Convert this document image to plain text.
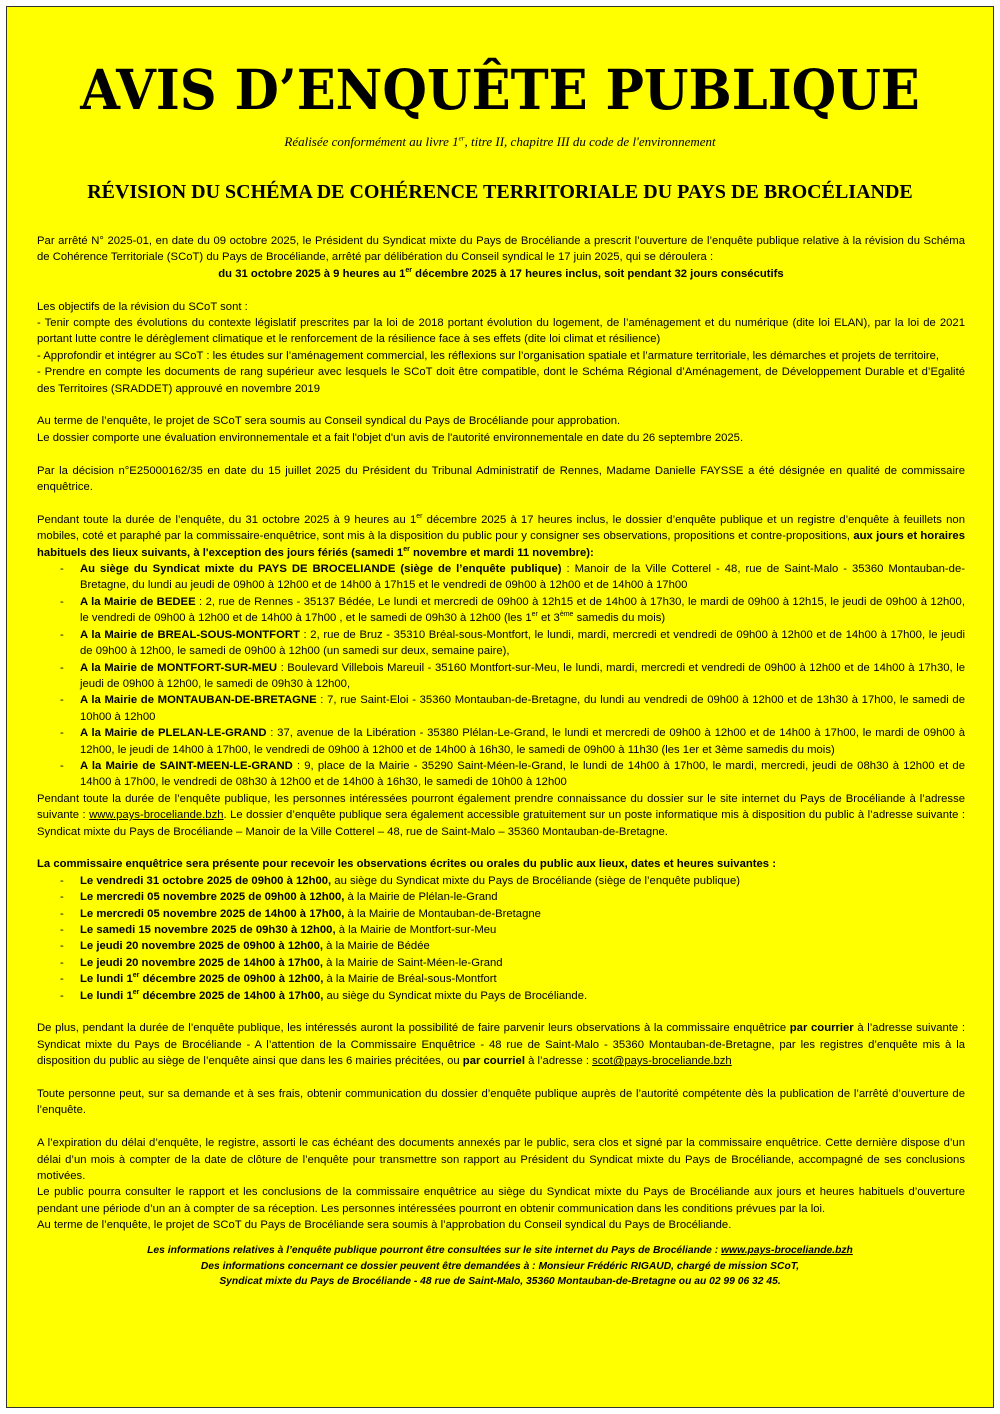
AVIS D’ENQUÊTE PUBLIQUE
Réalisée conformément au livre 1er, titre II, chapitre III du code de l'environnement
RÉVISION DU SCHÉMA DE COHÉRENCE TERRITORIALE DU PAYS DE BROCÉLIANDE

Par arrêté N° 2025-01, en date du 09 octobre 2025, le Président du Syndicat mixte du Pays de Brocéliande a prescrit l’ouverture de l’enquête publique relative à la révision du Schéma de Cohérence Territoriale (SCoT) du Pays de Brocéliande, arrêté par délibération du Conseil syndical le 17 juin 2025, qui se déroulera :

du 31 octobre 2025 à 9 heures au 1er décembre 2025 à 17 heures inclus, soit pendant 32 jours consécutifs

Les objectifs de la révision du SCoT sont :

- Tenir compte des évolutions du contexte législatif prescrites par la loi de 2018 portant évolution du logement, de l’aménagement et du numérique (dite loi ELAN), par la loi de 2021 portant lutte contre le dérèglement climatique et le renforcement de la résilience face à ses effets (dite loi climat et résilience)

- Approfondir et intégrer au SCoT : les études sur l’aménagement commercial, les réflexions sur l’organisation spatiale et l’armature territoriale, les démarches et projets de territoire,

- Prendre en compte les documents de rang supérieur avec lesquels le SCoT doit être compatible, dont le Schéma Régional d’Aménagement, de Développement Durable et d’Egalité des Territoires (SRADDET) approuvé en novembre 2019

Au terme de l’enquête, le projet de SCoT sera soumis au Conseil syndical du Pays de Brocéliande pour approbation.

Le dossier comporte une évaluation environnementale et a fait l'objet d'un avis de l'autorité environnementale en date du 26 septembre 2025.

Par la décision n°E25000162/35 en date du 15 juillet 2025 du Président du Tribunal Administratif de Rennes, Madame Danielle FAYSSE a été désignée en qualité de commissaire enquêtrice.

Pendant toute la durée de l’enquête, du 31 octobre 2025 à 9 heures au 1er décembre 2025 à 17 heures inclus, le dossier d’enquête publique et un registre d’enquête à feuillets non mobiles, coté et paraphé par la commissaire-enquêtrice, sont mis à la disposition du public pour y consigner ses observations, propositions et contre-propositions, aux jours et horaires habituels des lieux suivants, à l'exception des jours fériés (samedi 1er novembre et mardi 11 novembre):

- Au siège du Syndicat mixte du PAYS DE BROCELIANDE (siège de l’enquête publique) : Manoir de la Ville Cotterel - 48, rue de Saint-Malo - 35360 Montauban-de-Bretagne, du lundi au jeudi de 09h00 à 12h00 et de 14h00 à 17h15 et le vendredi de 09h00 à 12h00 et de 14h00 à 17h00
- A la Mairie de BEDEE : 2, rue de Rennes - 35137 Bédée, Le lundi et mercredi de 09h00 à 12h15 et de 14h00 à 17h30, le mardi de 09h00 à 12h15, le jeudi de 09h00 à 12h00, le vendredi de 09h00 à 12h00 et de 14h00 à 17h00 , et le samedi de 09h30 à 12h00 (les 1er et 3ème samedis du mois)
- A la Mairie de BREAL-SOUS-MONTFORT : 2, rue de Bruz - 35310 Bréal-sous-Montfort, le lundi, mardi, mercredi et vendredi de 09h00 à 12h00 et de 14h00 à 17h00, le jeudi de 09h00 à 12h00, le samedi de 09h00 à 12h00 (un samedi sur deux, semaine paire),
- A la Mairie de MONTFORT-SUR-MEU : Boulevard Villebois Mareuil - 35160 Montfort-sur-Meu, le lundi, mardi, mercredi et vendredi de 09h00 à 12h00 et de 14h00 à 17h30, le jeudi de 09h00 à 12h00, le samedi de 09h30 à 12h00,
- A la Mairie de MONTAUBAN-DE-BRETAGNE : 7, rue Saint-Eloi - 35360 Montauban-de-Bretagne, du lundi au vendredi de 09h00 à 12h00 et de 13h30 à 17h00, le samedi de 10h00 à 12h00
- A la Mairie de PLELAN-LE-GRAND : 37, avenue de la Libération - 35380 Plélan-Le-Grand, le lundi et mercredi de 09h00 à 12h00 et de 14h00 à 17h00, le mardi de 09h00 à 12h00, le jeudi de 14h00 à 17h00, le vendredi de 09h00 à 12h00 et de 14h00 à 16h30, le samedi de 09h00 à 11h30 (les 1er et 3ème samedis du mois)
- A la Mairie de SAINT-MEEN-LE-GRAND : 9, place de la Mairie - 35290 Saint-Méen-le-Grand, le lundi de 14h00 à 17h00, le mardi, mercredi, jeudi de 08h30 à 12h00 et de 14h00 à 17h00, le vendredi de 08h30 à 12h00 et de 14h00 à 16h30, le samedi de 10h00 à 12h00

Pendant toute la durée de l’enquête publique, les personnes intéressées pourront également prendre connaissance du dossier sur le site internet du Pays de Brocéliande à l’adresse suivante : www.pays-broceliande.bzh. Le dossier d’enquête publique sera également accessible gratuitement sur un poste informatique mis à disposition du public à l’adresse suivante : Syndicat mixte du Pays de Brocéliande – Manoir de la Ville Cotterel – 48, rue de Saint-Malo – 35360 Montauban-de-Bretagne.

La commissaire enquêtrice sera présente pour recevoir les observations écrites ou orales du public aux lieux, dates et heures suivantes :

- Le vendredi 31 octobre 2025 de 09h00 à 12h00, au siège du Syndicat mixte du Pays de Brocéliande (siège de l’enquête publique)
- Le mercredi 05 novembre 2025 de 09h00 à 12h00, à la Mairie de Plélan-le-Grand
- Le mercredi 05 novembre 2025 de 14h00 à 17h00, à la Mairie de Montauban-de-Bretagne
- Le samedi 15 novembre 2025 de 09h30 à 12h00, à la Mairie de Montfort-sur-Meu
- Le jeudi 20 novembre 2025 de 09h00 à 12h00, à la Mairie de Bédée
- Le jeudi 20 novembre 2025 de 14h00 à 17h00, à la Mairie de Saint-Méen-le-Grand
- Le lundi 1er décembre 2025 de 09h00 à 12h00, à la Mairie de Bréal-sous-Montfort
- Le lundi 1er décembre 2025 de 14h00 à 17h00, au siège du Syndicat mixte du Pays de Brocéliande.

De plus, pendant la durée de l’enquête publique, les intéressés auront la possibilité de faire parvenir leurs observations à la commissaire enquêtrice par courrier à l’adresse suivante : Syndicat mixte du Pays de Brocéliande - A l’attention de la Commissaire Enquêtrice - 48 rue de Saint-Malo - 35360 Montauban-de-Bretagne, par les registres d’enquête mis à la disposition du public au siège de l’enquête ainsi que dans les 6 mairies précitées, ou par courriel à l’adresse : scot@pays-broceliande.bzh

Toute personne peut, sur sa demande et à ses frais, obtenir communication du dossier d’enquête publique auprès de l’autorité compétente dès la publication de l’arrêté d’ouverture de l’enquête.

A l’expiration du délai d’enquête, le registre, assorti le cas échéant des documents annexés par le public, sera clos et signé par la commissaire enquêtrice. Cette dernière dispose d’un délai d’un mois à compter de la date de clôture de l’enquête pour transmettre son rapport au Président du Syndicat mixte du Pays de Brocéliande, accompagné de ses conclusions motivées.

Le public pourra consulter le rapport et les conclusions de la commissaire enquêtrice au siège du Syndicat mixte du Pays de Brocéliande aux jours et heures habituels d’ouverture pendant une période d’un an à compter de sa réception. Les personnes intéressées pourront en obtenir communication dans les conditions prévues par la loi.

Au terme de l’enquête, le projet de SCoT du Pays de Brocéliande sera soumis à l’approbation du Conseil syndical du Pays de Brocéliande.

Les informations relatives à l’enquête publique pourront être consultées sur le site internet du Pays de Brocéliande : www.pays-broceliande.bzh
Des informations concernant ce dossier peuvent être demandées à : Monsieur Frédéric RIGAUD, chargé de mission SCoT,
Syndicat mixte du Pays de Brocéliande - 48 rue de Saint-Malo, 35360 Montauban-de-Bretagne ou au 02 99 06 32 45.
